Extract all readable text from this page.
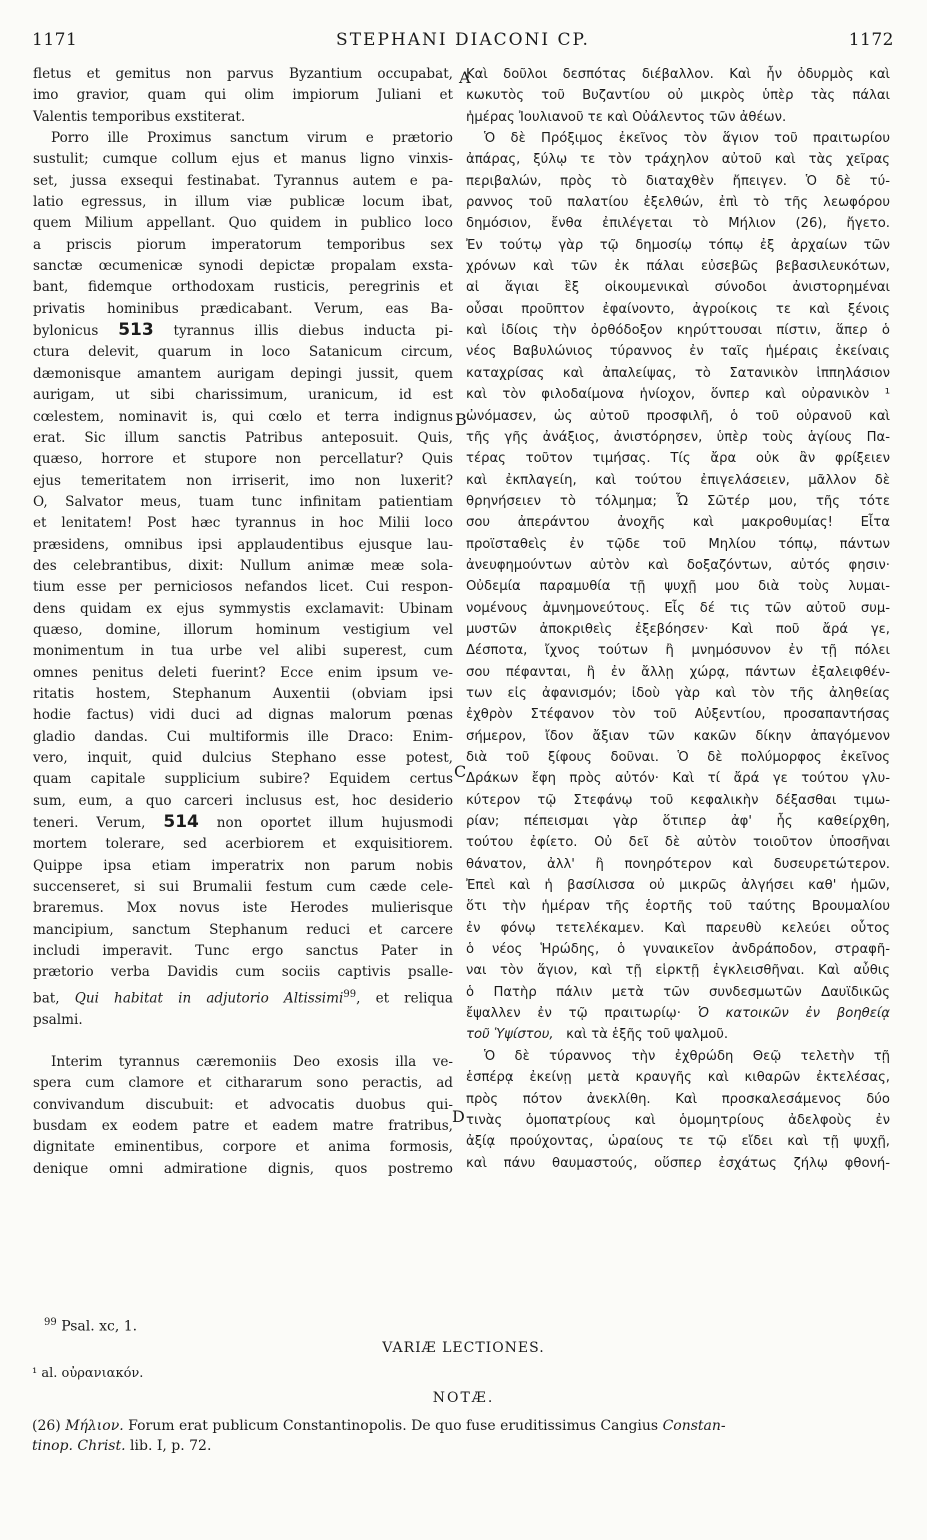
1171	STEPHANI DIACONI CP.	1172
A
B
C
D
fletus et gemitus non parvus Byzantium occupabat,
imo gravior, quam qui olim impiorum Juliani et
Valentis temporibus exstiterat.
Porro ille Proximus sanctum virum e prætorio
sustulit; cumque collum ejus et manus ligno vinxis-
set, jussa exsequi festinabat. Tyrannus autem e pa-
latio egressus, in illum viæ publicæ locum ibat,
quem Milium appellant. Quo quidem in publico loco
a priscis piorum imperatorum temporibus sex
sanctæ œcumenicæ synodi depictæ propalam exsta-
bant, fidemque orthodoxam rusticis, peregrinis et
privatis hominibus prædicabant. Verum, eas Ba-
bylonicus 513 tyrannus illis diebus inducta pi-
ctura delevit, quarum in loco Satanicum circum,
dæmonisque amantem aurigam depingi jussit, quem
aurigam, ut sibi charissimum, uranicum, id est
cœlestem, nominavit is, qui cœlo et terra indignus
erat. Sic illum sanctis Patribus anteposuit. Quis,
quæso, horrore et stupore non percellatur? Quis
ejus temeritatem non irriserit, imo non luxerit?
O, Salvator meus, tuam tunc infinitam patientiam
et lenitatem! Post hæc tyrannus in hoc Milii loco
præsidens, omnibus ipsi applaudentibus ejusque lau-
des celebrantibus, dixit: Nullum animæ meæ sola-
tium esse per perniciosos nefandos licet. Cui respon-
dens quidam ex ejus symmystis exclamavit: Ubinam
quæso, domine, illorum hominum vestigium vel
monimentum in tua urbe vel alibi superest, cum
omnes penitus deleti fuerint? Ecce enim ipsum ve-
ritatis hostem, Stephanum Auxentii (obviam ipsi
hodie factus) vidi duci ad dignas malorum pœnas
gladio dandas. Cui multiformis ille Draco: Enim-
vero, inquit, quid dulcius Stephano esse potest,
quam capitale supplicium subire? Equidem certus
sum, eum, a quo carceri inclusus est, hoc desiderio
teneri. Verum, 514 non oportet illum hujusmodi
mortem tolerare, sed acerbiorem et exquisitiorem.
Quippe ipsa etiam imperatrix non parum nobis
succenseret, si sui Brumalii festum cum cæde cele-
braremus. Mox novus iste Herodes mulierisque
mancipium, sanctum Stephanum reduci et carcere
includi imperavit. Tunc ergo sanctus Pater in
prætorio verba Davidis cum sociis captivis psalle-
bat, Qui habitat in adjutorio Altissimi$^{99}$, et reliqua
psalmi.
Interim tyrannus cæremoniis Deo exosis illa ve-
spera cum clamore et cithararum sono peractis, ad
convivandum discubuit: et advocatis duobus qui-
busdam ex eodem patre et eadem matre fratribus,
dignitate eminentibus, corpore et anima formosis,
denique omni admiratione dignis, quos postremo
Καὶ δοῦλοι δεσπότας διέβαλλον. Καὶ ἦν ὀδυρμὸς καὶ
κωκυτὸς τοῦ Βυζαντίου οὐ μικρὸς ὑπὲρ τὰς πάλαι
ἡμέρας Ἰουλιανοῦ τε καὶ Οὐάλεντος τῶν ἀθέων.
Ὁ δὲ Πρόξιμος ἐκεῖνος τὸν ἅγιον τοῦ πραιτωρίου
ἀπάρας, ξύλῳ τε τὸν τράχηλον αὐτοῦ καὶ τὰς χεῖρας
περιβαλών, πρὸς τὸ διαταχθὲν ἤπειγεν. Ὁ δὲ τύ-
ραννος τοῦ παλατίου ἐξελθών, ἐπὶ τὸ τῆς λεωφόρου
δημόσιον, ἔνθα ἐπιλέγεται τὸ Μήλιον (26), ἤγετο.
Ἐν τούτῳ γὰρ τῷ δημοσίῳ τόπῳ ἐξ ἀρχαίων τῶν
χρόνων καὶ τῶν ἐκ πάλαι εὐσεβῶς βεβασιλευκότων,
αἱ ἅγιαι ἓξ οἰκουμενικαὶ σύνοδοι ἀνιστορημέναι
οὖσαι προῦπτον ἐφαίνοντο, ἀγροίκοις τε καὶ ξένοις
καὶ ἰδίοις τὴν ὀρθόδοξον κηρύττουσαι πίστιν, ἅπερ ὁ
νέος Βαβυλώνιος τύραννος ἐν ταῖς ἡμέραις ἐκείναις
καταχρίσας καὶ ἀπαλείψας, τὸ Σατανικὸν ἱππηλάσιον
καὶ τὸν φιλοδαίμονα ἡνίοχον, ὅνπερ καὶ οὐρανικὸν ¹
ὠνόμασεν, ὡς αὐτοῦ προσφιλῆ, ὁ τοῦ οὐρανοῦ καὶ
τῆς γῆς ἀνάξιος, ἀνιστόρησεν, ὑπὲρ τοὺς ἁγίους Πα-
τέρας τοῦτον τιμήσας. Τίς ἄρα οὐκ ἂν φρίξειεν
καὶ ἐκπλαγείη, καὶ τούτου ἐπιγελάσειεν, μᾶλλον δὲ
θρηνήσειεν τὸ τόλμημα; Ὦ Σῶτέρ μου, τῆς τότε
σου ἀπεράντου ἀνοχῆς καὶ μακροθυμίας! Εἶτα
προϊσταθεὶς ἐν τῷδε τοῦ Μηλίου τόπῳ, πάντων
ἀνευφημούντων αὐτὸν καὶ δοξαζόντων, αὐτός φησιν·
Οὐδεμία παραμυθία τῇ ψυχῇ μου διὰ τοὺς λυμαι-
νομένους ἀμνημονεύτους. Εἷς δέ τις τῶν αὐτοῦ συμ-
μυστῶν ἀποκριθεὶς ἐξεβόησεν· Καὶ ποῦ ἄρά γε,
Δέσποτα, ἴχνος τούτων ἢ μνημόσυνον ἐν τῇ πόλει
σου πέφανται, ἢ ἐν ἄλλῃ χώρᾳ, πάντων ἐξαλειφθέν-
των εἰς ἀφανισμόν; ἰδοὺ γὰρ καὶ τὸν τῆς ἀληθείας
ἐχθρὸν Στέφανον τὸν τοῦ Αὐξεντίου, προσαπαντήσας
σήμερον, ἴδον ἄξιαν τῶν κακῶν δίκην ἀπαγόμενον
διὰ τοῦ ξίφους δοῦναι. Ὁ δὲ πολύμορφος ἐκεῖνος
Δράκων ἔφη πρὸς αὐτόν· Καὶ τί ἄρά γε τούτου γλυ-
κύτερον τῷ Στεφάνῳ τοῦ κεφαλικὴν δέξασθαι τιμω-
ρίαν; πέπεισμαι γὰρ ὅτιπερ ἀφ' ἧς καθείρχθη,
τούτου ἐφίετο. Οὐ δεῖ δὲ αὐτὸν τοιοῦτον ὑποσῆναι
θάνατον, ἀλλ' ἢ πονηρότερον καὶ δυσευρετώτερον.
Ἐπεὶ καὶ ἡ βασίλισσα οὐ μικρῶς ἀλγήσει καθ' ἡμῶν,
ὅτι τὴν ἡμέραν τῆς ἑορτῆς τοῦ ταύτης Βρουμαλίου
ἐν φόνῳ τετελέκαμεν. Καὶ παρευθὺ κελεύει οὗτος
ὁ νέος Ἡρώδης, ὁ γυναικεῖον ἀνδράποδον, στραφῆ-
ναι τὸν ἅγιον, καὶ τῇ εἱρκτῇ ἐγκλεισθῆναι. Καὶ αὖθις
ὁ Πατὴρ πάλιν μετὰ τῶν συνδεσμωτῶν Δαυϊδικῶς
ἔψαλλεν ἐν τῷ πραιτωρίῳ· Ὁ κατοικῶν ἐν βοηθείᾳ
τοῦ Ὑψίστου, καὶ τὰ ἑξῆς τοῦ ψαλμοῦ.
Ὁ δὲ τύραννος τὴν ἐχθρώδη Θεῷ τελετὴν τῇ
ἑσπέρᾳ ἐκείνῃ μετὰ κραυγῆς καὶ κιθαρῶν ἐκτελέσας,
πρὸς πότον ἀνεκλίθη. Καὶ προσκαλεσάμενος δύο
τινὰς ὁμοπατρίους καὶ ὁμομητρίους ἀδελφοὺς ἐν
ἀξίᾳ προύχοντας, ὡραίους τε τῷ εἴδει καὶ τῇ ψυχῇ,
καὶ πάνυ θαυμαστούς, οὕσπερ ἐσχάτως ζήλῳ φθονή-
$^{99}$ Psal. xc, 1.
VARIÆ LECTIONES.
¹ al. οὐρανιακόν.
NOTÆ.
(26) Μήλιον. Forum erat publicum Constantinopolis. De quo fuse eruditissimus Cangius Constan-
tinop. Christ. lib. I, p. 72.
